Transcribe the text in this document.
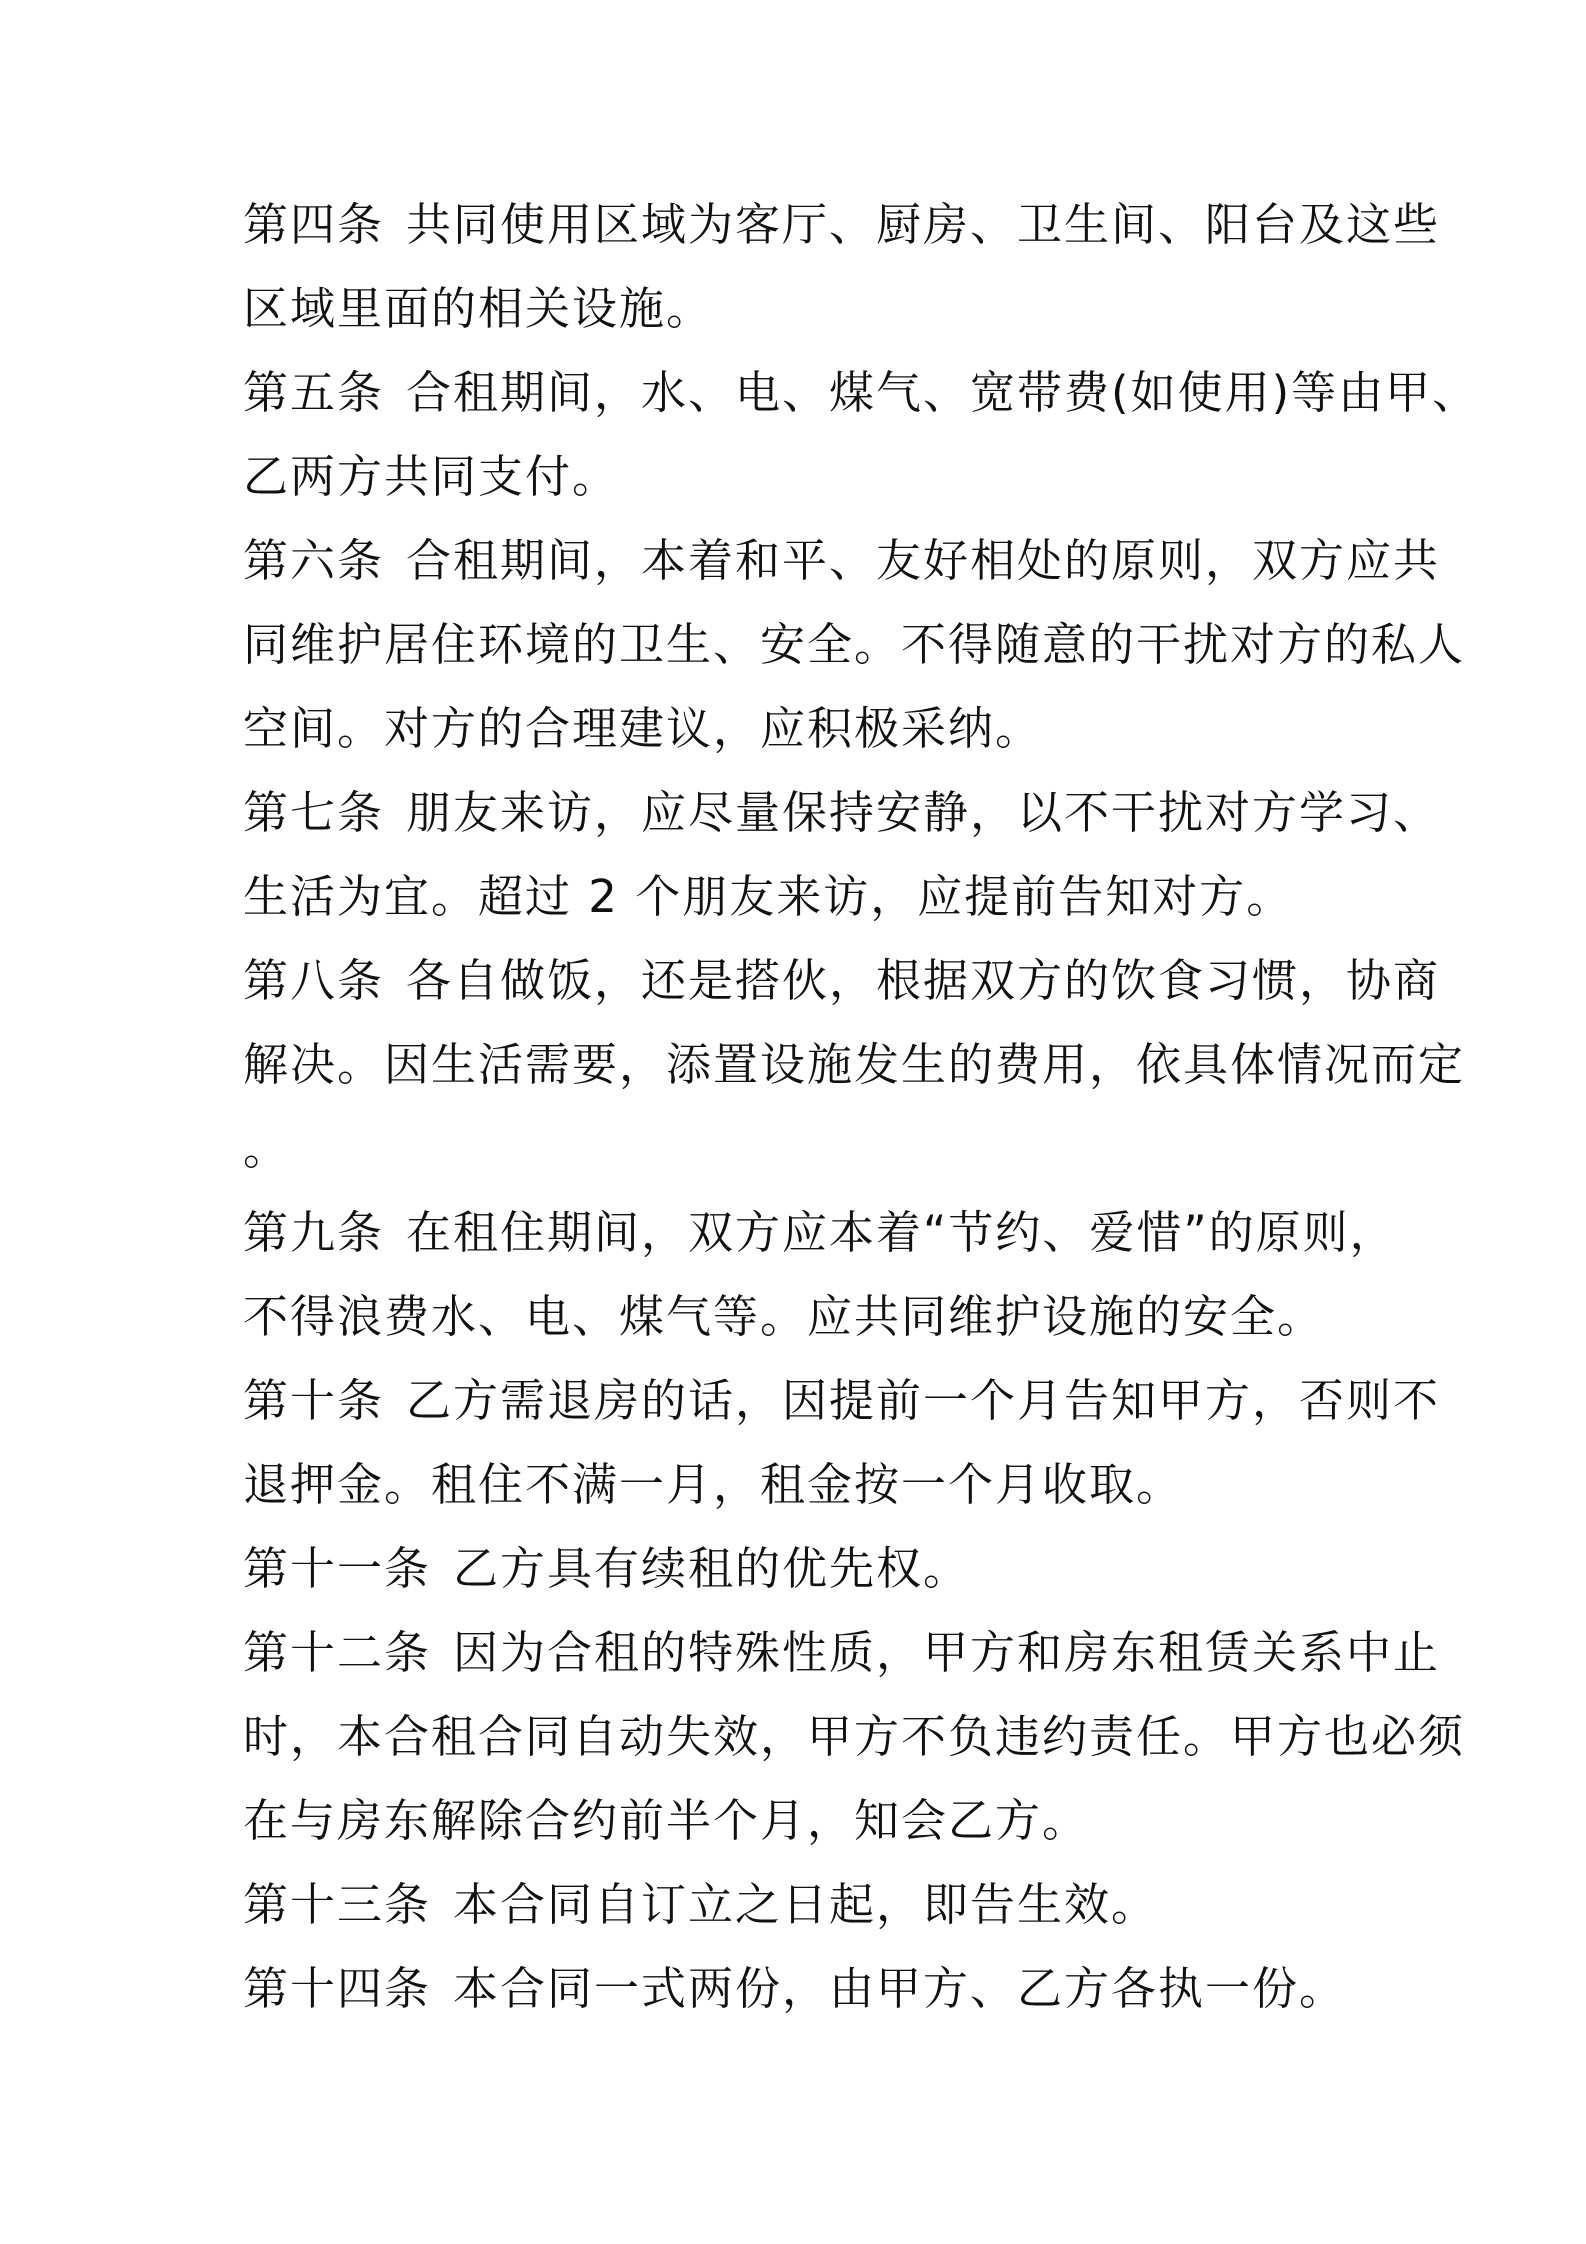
第四条 共同使用区域为客厅、厨房、卫生间、阳台及这些
区域里面的相关设施。
第五条 合租期间，水、电、煤气、宽带费(如使用)等由甲、
乙两方共同支付。
第六条 合租期间，本着和平、友好相处的原则，双方应共
同维护居住环境的卫生、安全。不得随意的干扰对方的私人
空间。对方的合理建议，应积极采纳。
第七条 朋友来访，应尽量保持安静，以不干扰对方学习、
生活为宜。超过 2 个朋友来访，应提前告知对方。
第八条 各自做饭，还是搭伙，根据双方的饮食习惯，协商
解决。因生活需要，添置设施发生的费用，依具体情况而定
。
第九条 在租住期间，双方应本着“节约、爱惜”的原则，
不得浪费水、电、煤气等。应共同维护设施的安全。
第十条 乙方需退房的话，因提前一个月告知甲方，否则不
退押金。租住不满一月，租金按一个月收取。
第十一条 乙方具有续租的优先权。
第十二条 因为合租的特殊性质，甲方和房东租赁关系中止
时，本合租合同自动失效，甲方不负违约责任。甲方也必须
在与房东解除合约前半个月，知会乙方。
第十三条 本合同自订立之日起，即告生效。
第十四条 本合同一式两份，由甲方、乙方各执一份。
